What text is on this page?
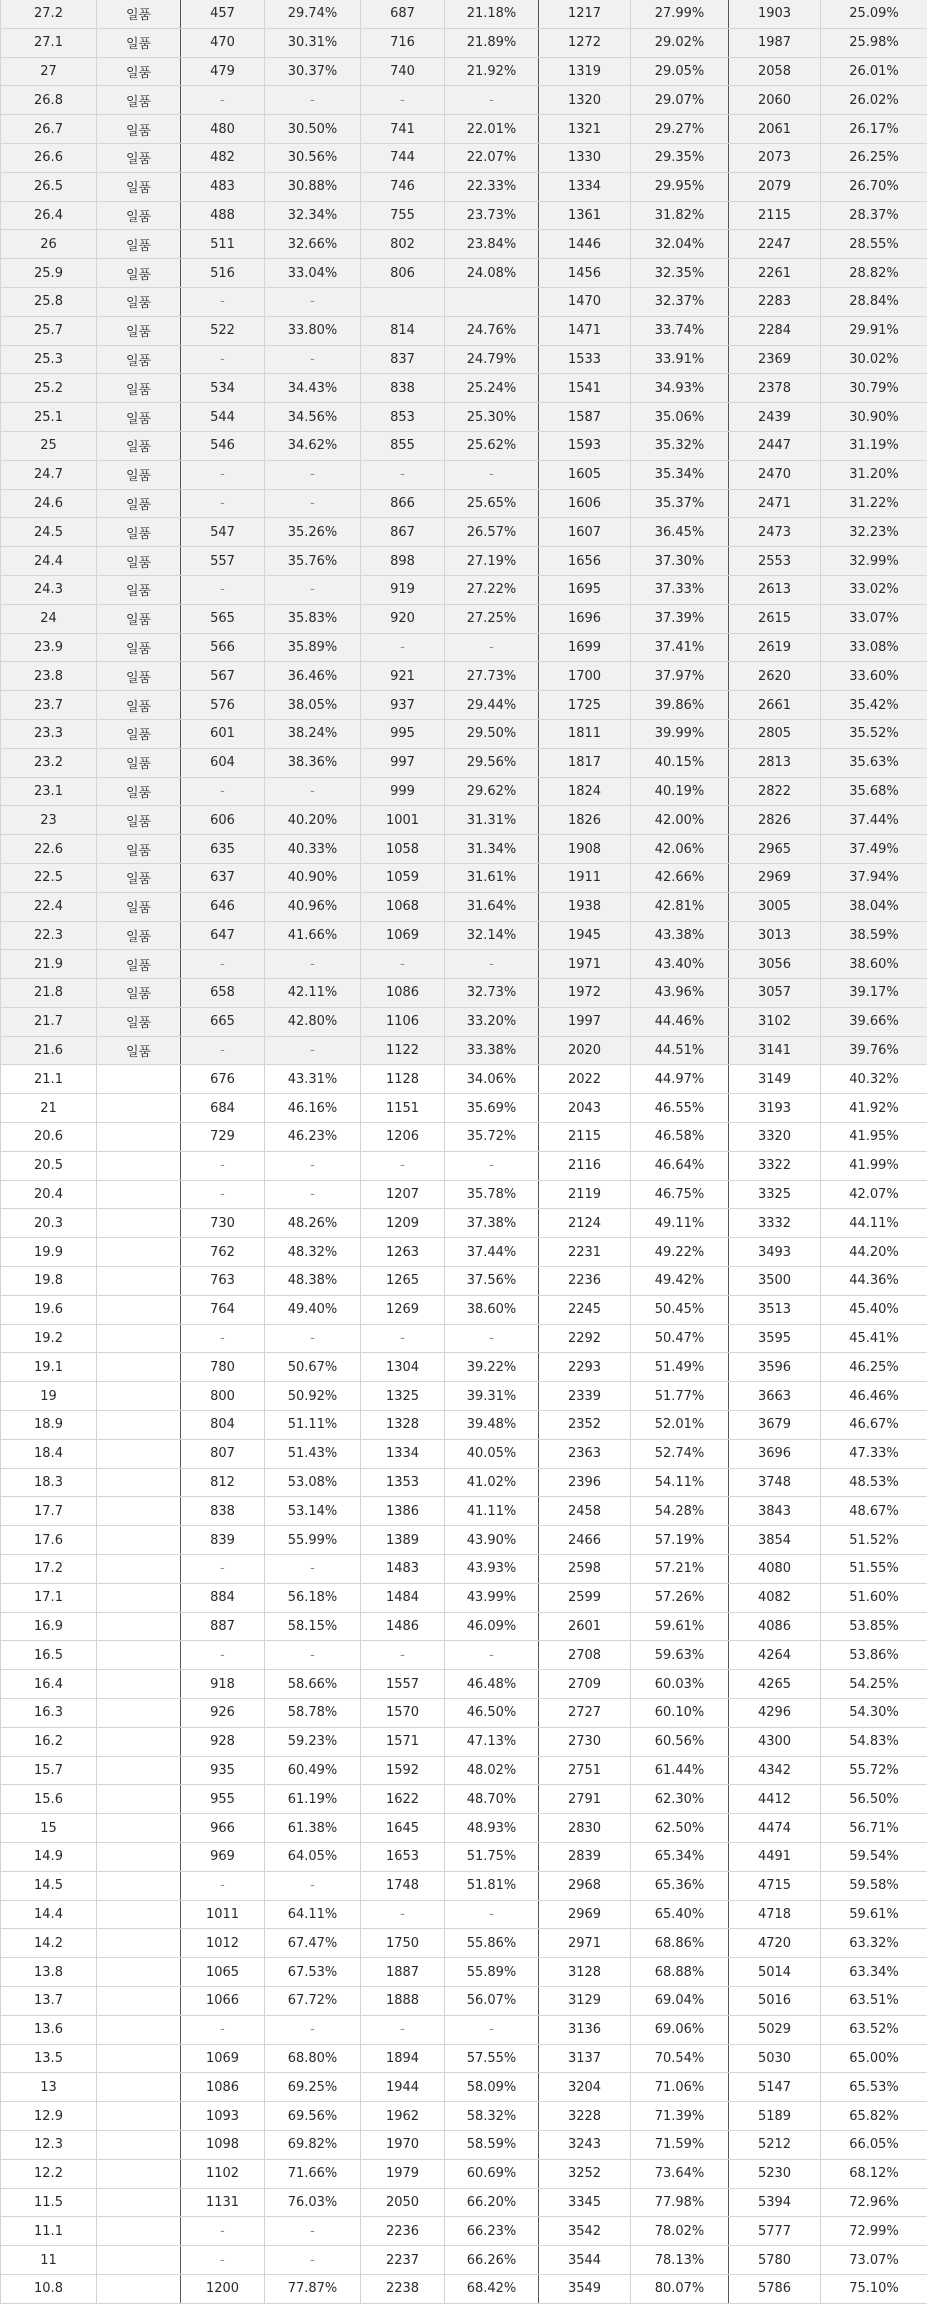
27.2	일품	457	29.74%	687	21.18%	1217	27.99%	1903	25.09%
27.1	일품	470	30.31%	716	21.89%	1272	29.02%	1987	25.98%
27	일품	479	30.37%	740	21.92%	1319	29.05%	2058	26.01%
26.8	일품	-	-	-	-	1320	29.07%	2060	26.02%
26.7	일품	480	30.50%	741	22.01%	1321	29.27%	2061	26.17%
26.6	일품	482	30.56%	744	22.07%	1330	29.35%	2073	26.25%
26.5	일품	483	30.88%	746	22.33%	1334	29.95%	2079	26.70%
26.4	일품	488	32.34%	755	23.73%	1361	31.82%	2115	28.37%
26	일품	511	32.66%	802	23.84%	1446	32.04%	2247	28.55%
25.9	일품	516	33.04%	806	24.08%	1456	32.35%	2261	28.82%
25.8	일품	-	-			1470	32.37%	2283	28.84%
25.7	일품	522	33.80%	814	24.76%	1471	33.74%	2284	29.91%
25.3	일품	-	-	837	24.79%	1533	33.91%	2369	30.02%
25.2	일품	534	34.43%	838	25.24%	1541	34.93%	2378	30.79%
25.1	일품	544	34.56%	853	25.30%	1587	35.06%	2439	30.90%
25	일품	546	34.62%	855	25.62%	1593	35.32%	2447	31.19%
24.7	일품	-	-	-	-	1605	35.34%	2470	31.20%
24.6	일품	-	-	866	25.65%	1606	35.37%	2471	31.22%
24.5	일품	547	35.26%	867	26.57%	1607	36.45%	2473	32.23%
24.4	일품	557	35.76%	898	27.19%	1656	37.30%	2553	32.99%
24.3	일품	-	-	919	27.22%	1695	37.33%	2613	33.02%
24	일품	565	35.83%	920	27.25%	1696	37.39%	2615	33.07%
23.9	일품	566	35.89%	-	-	1699	37.41%	2619	33.08%
23.8	일품	567	36.46%	921	27.73%	1700	37.97%	2620	33.60%
23.7	일품	576	38.05%	937	29.44%	1725	39.86%	2661	35.42%
23.3	일품	601	38.24%	995	29.50%	1811	39.99%	2805	35.52%
23.2	일품	604	38.36%	997	29.56%	1817	40.15%	2813	35.63%
23.1	일품	-	-	999	29.62%	1824	40.19%	2822	35.68%
23	일품	606	40.20%	1001	31.31%	1826	42.00%	2826	37.44%
22.6	일품	635	40.33%	1058	31.34%	1908	42.06%	2965	37.49%
22.5	일품	637	40.90%	1059	31.61%	1911	42.66%	2969	37.94%
22.4	일품	646	40.96%	1068	31.64%	1938	42.81%	3005	38.04%
22.3	일품	647	41.66%	1069	32.14%	1945	43.38%	3013	38.59%
21.9	일품	-	-	-	-	1971	43.40%	3056	38.60%
21.8	일품	658	42.11%	1086	32.73%	1972	43.96%	3057	39.17%
21.7	일품	665	42.80%	1106	33.20%	1997	44.46%	3102	39.66%
21.6	일품	-	-	1122	33.38%	2020	44.51%	3141	39.76%
21.1		676	43.31%	1128	34.06%	2022	44.97%	3149	40.32%
21		684	46.16%	1151	35.69%	2043	46.55%	3193	41.92%
20.6		729	46.23%	1206	35.72%	2115	46.58%	3320	41.95%
20.5		-	-	-	-	2116	46.64%	3322	41.99%
20.4		-	-	1207	35.78%	2119	46.75%	3325	42.07%
20.3		730	48.26%	1209	37.38%	2124	49.11%	3332	44.11%
19.9		762	48.32%	1263	37.44%	2231	49.22%	3493	44.20%
19.8		763	48.38%	1265	37.56%	2236	49.42%	3500	44.36%
19.6		764	49.40%	1269	38.60%	2245	50.45%	3513	45.40%
19.2		-	-	-	-	2292	50.47%	3595	45.41%
19.1		780	50.67%	1304	39.22%	2293	51.49%	3596	46.25%
19		800	50.92%	1325	39.31%	2339	51.77%	3663	46.46%
18.9		804	51.11%	1328	39.48%	2352	52.01%	3679	46.67%
18.4		807	51.43%	1334	40.05%	2363	52.74%	3696	47.33%
18.3		812	53.08%	1353	41.02%	2396	54.11%	3748	48.53%
17.7		838	53.14%	1386	41.11%	2458	54.28%	3843	48.67%
17.6		839	55.99%	1389	43.90%	2466	57.19%	3854	51.52%
17.2		-	-	1483	43.93%	2598	57.21%	4080	51.55%
17.1		884	56.18%	1484	43.99%	2599	57.26%	4082	51.60%
16.9		887	58.15%	1486	46.09%	2601	59.61%	4086	53.85%
16.5		-	-	-	-	2708	59.63%	4264	53.86%
16.4		918	58.66%	1557	46.48%	2709	60.03%	4265	54.25%
16.3		926	58.78%	1570	46.50%	2727	60.10%	4296	54.30%
16.2		928	59.23%	1571	47.13%	2730	60.56%	4300	54.83%
15.7		935	60.49%	1592	48.02%	2751	61.44%	4342	55.72%
15.6		955	61.19%	1622	48.70%	2791	62.30%	4412	56.50%
15		966	61.38%	1645	48.93%	2830	62.50%	4474	56.71%
14.9		969	64.05%	1653	51.75%	2839	65.34%	4491	59.54%
14.5		-	-	1748	51.81%	2968	65.36%	4715	59.58%
14.4		1011	64.11%	-	-	2969	65.40%	4718	59.61%
14.2		1012	67.47%	1750	55.86%	2971	68.86%	4720	63.32%
13.8		1065	67.53%	1887	55.89%	3128	68.88%	5014	63.34%
13.7		1066	67.72%	1888	56.07%	3129	69.04%	5016	63.51%
13.6		-	-	-	-	3136	69.06%	5029	63.52%
13.5		1069	68.80%	1894	57.55%	3137	70.54%	5030	65.00%
13		1086	69.25%	1944	58.09%	3204	71.06%	5147	65.53%
12.9		1093	69.56%	1962	58.32%	3228	71.39%	5189	65.82%
12.3		1098	69.82%	1970	58.59%	3243	71.59%	5212	66.05%
12.2		1102	71.66%	1979	60.69%	3252	73.64%	5230	68.12%
11.5		1131	76.03%	2050	66.20%	3345	77.98%	5394	72.96%
11.1		-	-	2236	66.23%	3542	78.02%	5777	72.99%
11		-	-	2237	66.26%	3544	78.13%	5780	73.07%
10.8		1200	77.87%	2238	68.42%	3549	80.07%	5786	75.10%
